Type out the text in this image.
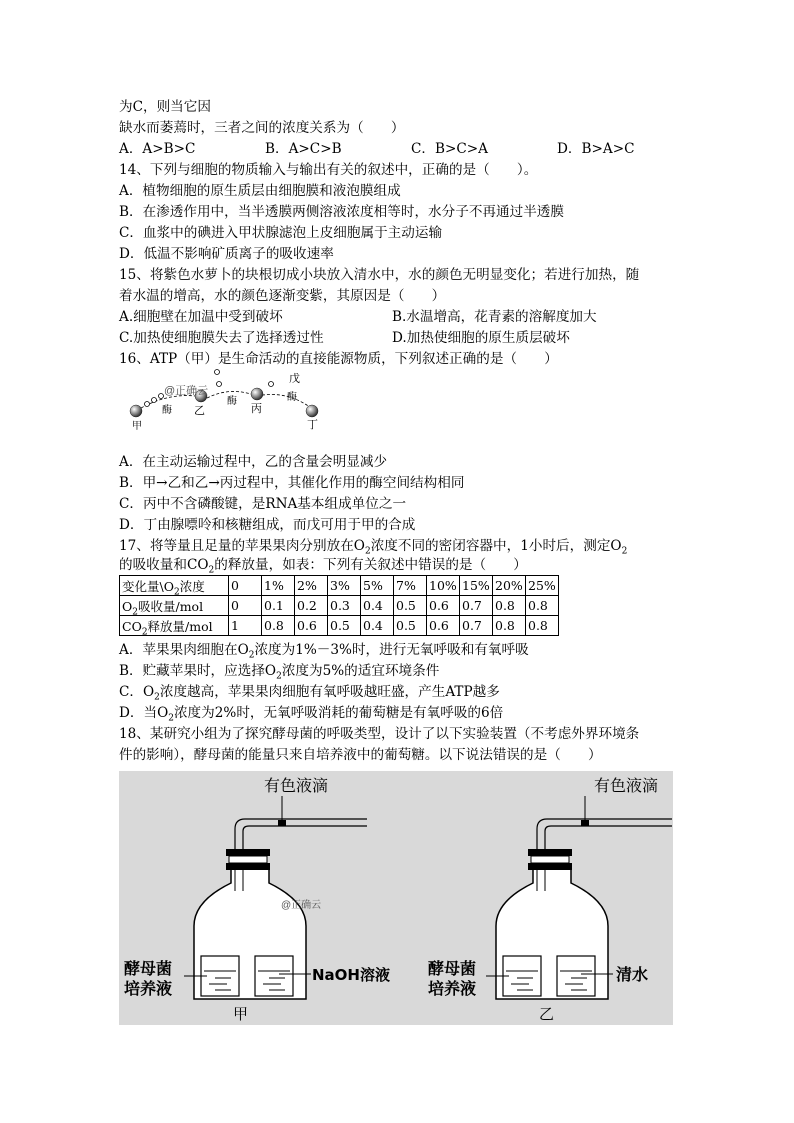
为C，则当它因
缺水而萎蔫时，三者之间的浓度关系为（　　）
A．A>B>C	B．A>C>B	C．B>C>A	D．B>A>C
14、下列与细胞的物质输入与输出有关的叙述中，正确的是（　　）。
A．植物细胞的原生质层由细胞膜和液泡膜组成
B．在渗透作用中，当半透膜两侧溶液浓度相等时，水分子不再通过半透膜
C．血浆中的碘进入甲状腺滤泡上皮细胞属于主动运输
D．低温不影响矿质离子的吸收速率
15、将紫色水萝卜的块根切成小块放入清水中，水的颜色无明显变化；若进行加热，随
着水温的增高，水的颜色逐渐变紫，其原因是（　　）
A.细胞壁在加温中受到破坏	B.水温增高，花青素的溶解度加大
C.加热使细胞膜失去了选择透过性	D.加热使细胞的原生质层破坏
16、ATP（甲）是生命活动的直接能源物质，下列叙述正确的是（　　）
@正确云
酶
酶	酶
甲
乙	丙
丁
戊
A．在主动运输过程中，乙的含量会明显减少
B．甲→乙和乙→丙过程中，其催化作用的酶空间结构相同
C．丙中不含磷酸键，是RNA基本组成单位之一
D．丁由腺嘌呤和核糖组成，而戊可用于甲的合成
17、将等量且足量的苹果果肉分别放在$O_2$浓度不同的密闭容器中，1小时后，测定$O_2$
的吸收量和$CO_2$的释放量，如表：下列有关叙述中错误的是（　　）
变化量$\backslash O_2$浓度	0	1%	2%	3%	5%	7%	10%	15%	20%	25%
$O_2$吸收量/mol	0	0.1	0.2	0.3	0.4	0.5	0.6	0.7	0.8	0.8
$CO_2$释放量/mol	1	0.8	0.6	0.5	0.4	0.5	0.6	0.7	0.8	0.8
A．苹果果肉细胞在$O_2$浓度为1%－3%时，进行无氧呼吸和有氧呼吸
B．贮藏苹果时，应选择$O_2$浓度为5%的适宜环境条件
C．$O_2$浓度越高，苹果果肉细胞有氧呼吸越旺盛，产生ATP越多
D．当$O_2$浓度为2%时，无氧呼吸消耗的葡萄糖是有氧呼吸的6倍
18、某研究小组为了探究酵母菌的呼吸类型，设计了以下实验装置（不考虑外界环境条
件的影响），酵母菌的能量只来自培养液中的葡萄糖。以下说法错误的是（　　）
有色液滴
酵母菌
培养液
NaOH溶液
甲
@正确云
有色液滴
酵母菌
培养液
清水
乙
